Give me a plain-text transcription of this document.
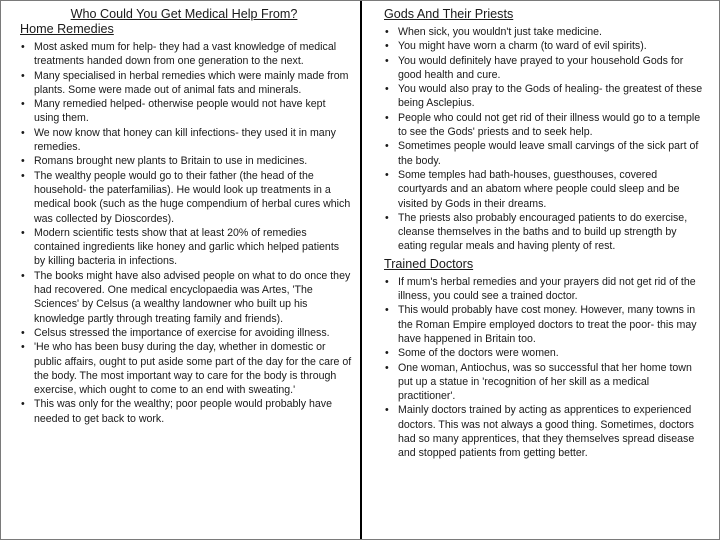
Who Could You Get Medical Help From?
Home Remedies
• Most asked mum for help- they had a vast knowledge of medical treatments handed down from one generation to the next.
• Many specialised in herbal remedies which were mainly made from plants. Some were made out of animal fats and minerals.
• Many remedied helped- otherwise people would not have kept using them.
• We now know that honey can kill infections- they used it in many remedies.
• Romans brought new plants to Britain to use in medicines.
• The wealthy people would go to their father (the head of the household- the paterfamilias). He would look up treatments in a medical book (such as the huge compendium of herbal cures which was collected by Dioscordes).
• Modern scientific tests show that at least 20% of remedies contained ingredients like honey and garlic which helped patients by killing bacteria in infections.
• The books might have also advised people on what to do once they had recovered. One medical encyclopaedia was Artes, 'The Sciences' by Celsus (a wealthy landowner who built up his knowledge partly through treating family and friends).
• Celsus stressed the importance of exercise for avoiding illness.
• 'He who has been busy during the day, whether in domestic or public affairs, ought to put aside some part of the day for the care of the body. The most important way to care for the body is through exercise, which ought to come to an end with sweating.'
• This was only for the wealthy; poor people would probably have needed to get back to work.
Gods And Their Priests
• When sick, you wouldn't just take medicine.
• You might have worn a charm (to ward of evil spirits).
• You would definitely have prayed to your household Gods for good health and cure.
• You would also pray to the Gods of healing- the greatest of these being Asclepius.
• People who could not get rid of their illness would go to a temple to see the Gods' priests and to seek help.
• Sometimes people would leave small carvings of the sick part of the body.
• Some temples had bath-houses, guesthouses, covered courtyards and an abatom where people could sleep and be visited by Gods in their dreams.
• The priests also probably encouraged patients to do exercise, cleanse themselves in the baths and to build up strength by eating regular meals and having plenty of rest.
Trained Doctors
• If mum's herbal remedies and your prayers did not get rid of the illness, you could see a trained doctor.
• This would probably have cost money. However, many towns in the Roman Empire employed doctors to treat the poor- this may have happened in Britain too.
• Some of the doctors were women.
• One woman, Antiochus, was so successful that her home town put up a statue in 'recognition of her skill as a medical practitioner'.
• Mainly doctors trained by acting as apprentices to experienced doctors. This was not always a good thing. Sometimes, doctors had so many apprentices, that they themselves spread disease and stopped patients from getting better.
